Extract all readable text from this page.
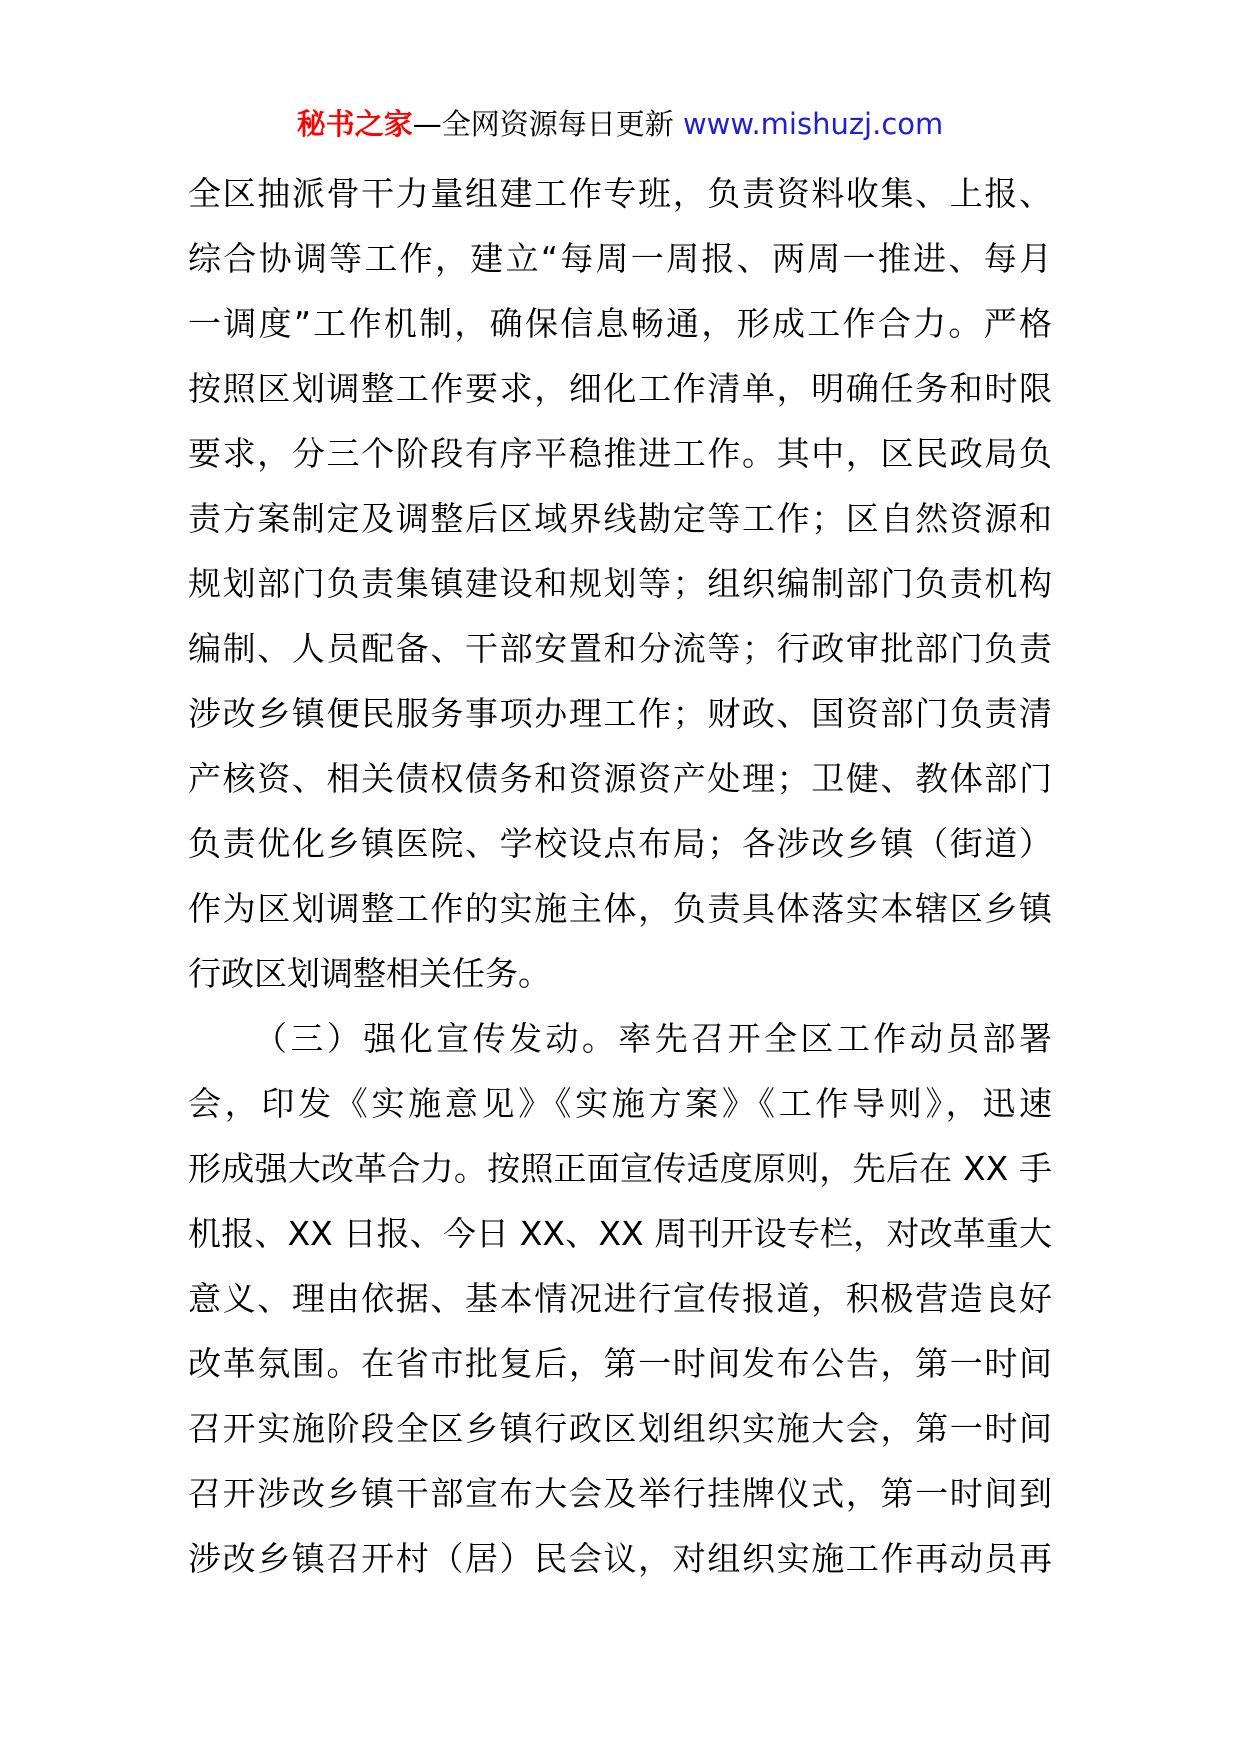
秘书之家—全网资源每日更新 www.mishuzj.com
全区抽派骨干力量组建工作专班，负责资料收集、上报、
综合协调等工作，建立“每周一周报、两周一推进、每月
一调度”工作机制，确保信息畅通，形成工作合力。严格
按照区划调整工作要求，细化工作清单，明确任务和时限
要求，分三个阶段有序平稳推进工作。其中，区民政局负
责方案制定及调整后区域界线勘定等工作；区自然资源和
规划部门负责集镇建设和规划等；组织编制部门负责机构
编制、人员配备、干部安置和分流等；行政审批部门负责
涉改乡镇便民服务事项办理工作；财政、国资部门负责清
产核资、相关债权债务和资源资产处理；卫健、教体部门
负责优化乡镇医院、学校设点布局；各涉改乡镇（街道）
作为区划调整工作的实施主体，负责具体落实本辖区乡镇
行政区划调整相关任务。
（三）强化宣传发动。率先召开全区工作动员部署
会，印发《实施意见》《实施方案》《工作导则》，迅速
形成强大改革合力。按照正面宣传适度原则，先后在 XX 手
机报、XX 日报、今日 XX、XX 周刊开设专栏，对改革重大
意义、理由依据、基本情况进行宣传报道，积极营造良好
改革氛围。在省市批复后，第一时间发布公告，第一时间
召开实施阶段全区乡镇行政区划组织实施大会，第一时间
召开涉改乡镇干部宣布大会及举行挂牌仪式，第一时间到
涉改乡镇召开村（居）民会议，对组织实施工作再动员再
